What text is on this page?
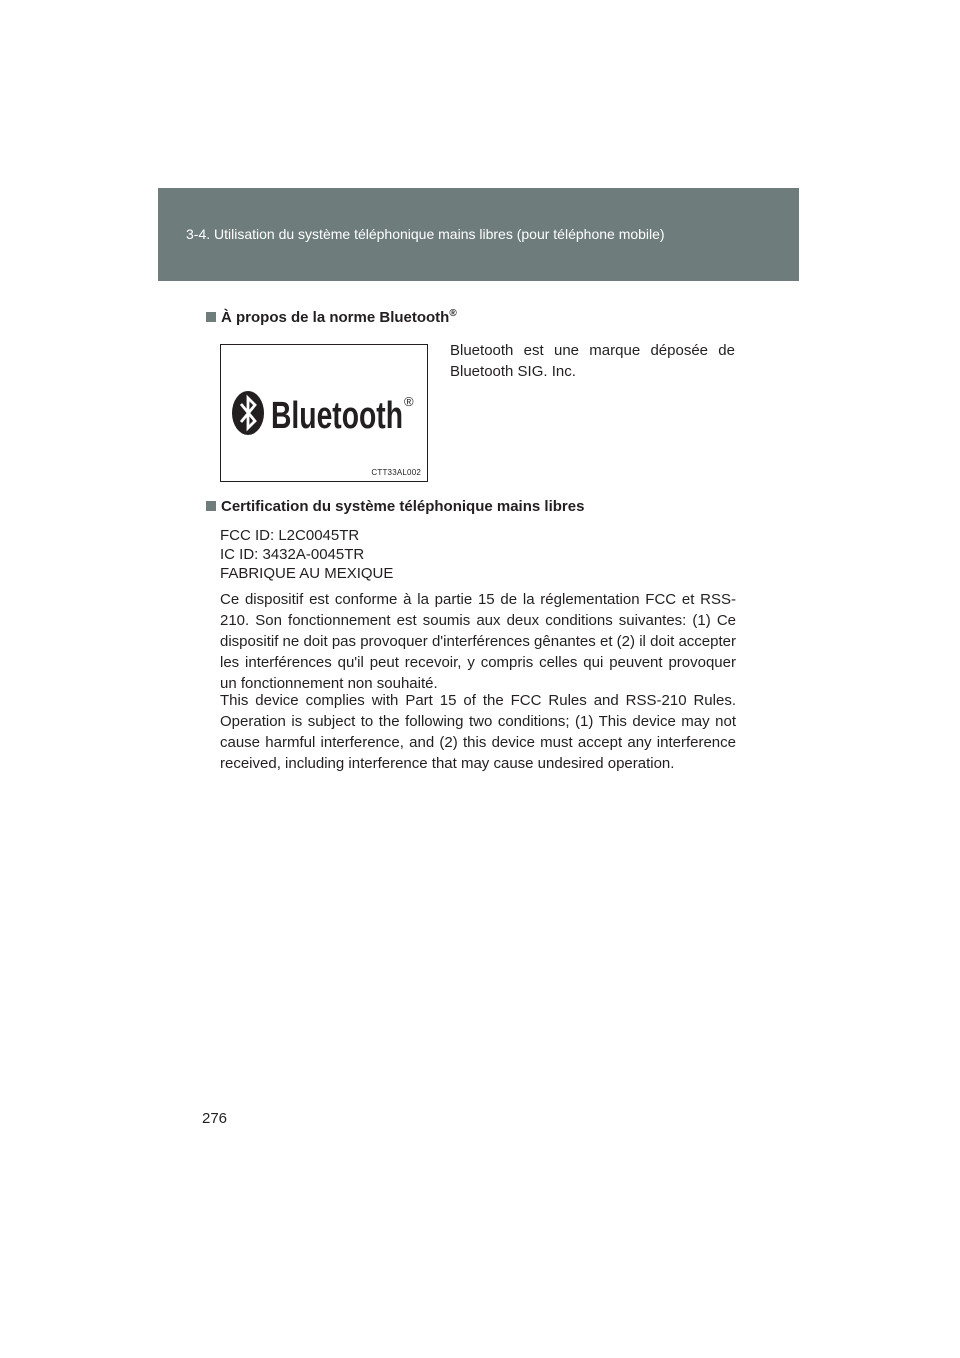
3-4. Utilisation du système téléphonique mains libres (pour téléphone mobile)
À propos de la norme Bluetooth®
Bluetooth ®
CTT33AL002
Bluetooth est une marque déposée de Bluetooth SIG. Inc.
Certification du système téléphonique mains libres
FCC ID: L2C0045TR
IC ID: 3432A-0045TR
FABRIQUE AU MEXIQUE
Ce dispositif est conforme à la partie 15 de la réglementation FCC et RSS-210. Son fonctionnement est soumis aux deux conditions suivantes: (1) Ce dispositif ne doit pas provoquer d'interférences gênantes et (2) il doit accepter les interférences qu'il peut recevoir, y compris celles qui peuvent provoquer un fonctionnement non souhaité.
This device complies with Part 15 of the FCC Rules and RSS-210 Rules. Operation is subject to the following two conditions; (1) This device may not cause harmful interference, and (2) this device must accept any interference received, including interference that may cause undesired operation.
276
